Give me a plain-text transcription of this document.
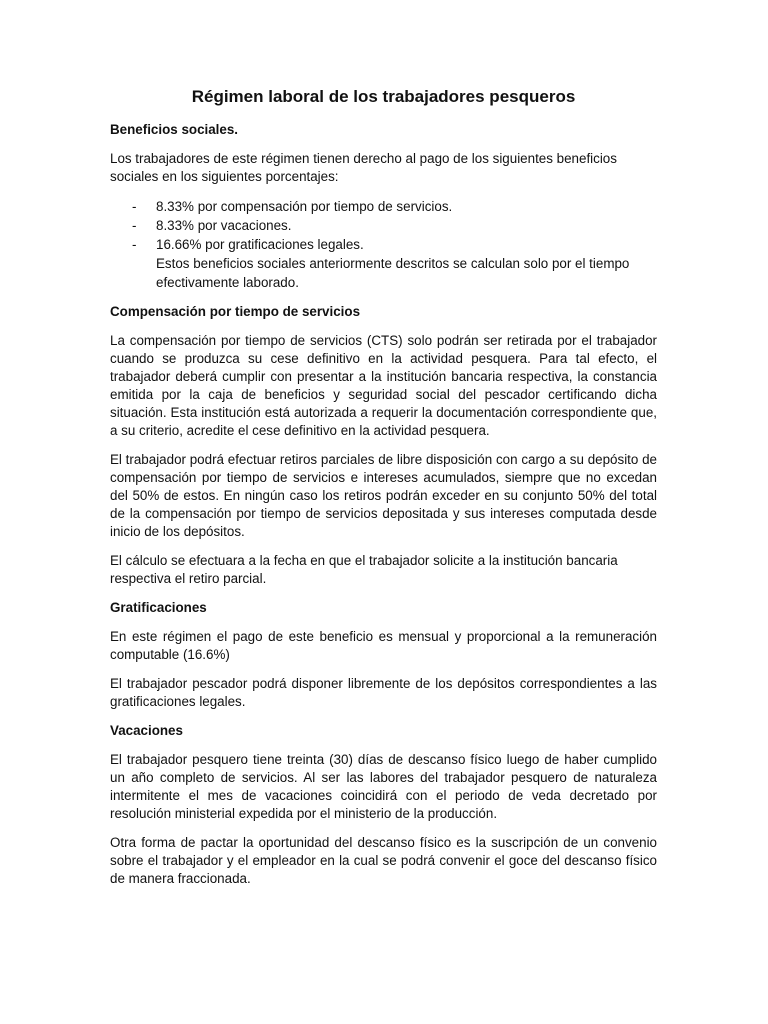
Régimen laboral de los trabajadores pesqueros
Beneficios sociales.

Los trabajadores de este régimen tienen derecho al pago de los siguientes beneficios sociales en los siguientes porcentajes:

- 8.33% por compensación por tiempo de servicios.
- 8.33% por vacaciones.
- 16.66% por gratificaciones legales.
Estos beneficios sociales anteriormente descritos se calculan solo por el tiempo efectivamente laborado.
Compensación por tiempo de servicios

La compensación por tiempo de servicios (CTS) solo podrán ser retirada por el trabajador cuando se produzca su cese definitivo en la actividad pesquera. Para tal efecto, el trabajador deberá cumplir con presentar a la institución bancaria respectiva, la constancia emitida por la caja de beneficios y seguridad social del pescador certificando dicha situación. Esta institución está autorizada a requerir la documentación correspondiente que, a su criterio, acredite el cese definitivo en la actividad pesquera.

El trabajador podrá efectuar retiros parciales de libre disposición con cargo a su depósito de compensación por tiempo de servicios e intereses acumulados, siempre que no excedan del 50% de estos. En ningún caso los retiros podrán exceder en su conjunto 50% del total de la compensación por tiempo de servicios depositada y sus intereses computada desde inicio de los depósitos.

El cálculo se efectuara a la fecha en que el trabajador solicite a la institución bancaria respectiva el retiro parcial.

Gratificaciones

En este régimen el pago de este beneficio es mensual y proporcional a la remuneración computable (16.6%)

El trabajador pescador podrá disponer libremente de los depósitos correspondientes a las gratificaciones legales.

Vacaciones

El trabajador pesquero tiene treinta (30) días de descanso físico luego de haber cumplido un año completo de servicios. Al ser las labores del trabajador pesquero de naturaleza intermitente el mes de vacaciones coincidirá con el periodo de veda decretado por resolución ministerial expedida por el ministerio de la producción.

Otra forma de pactar la oportunidad del descanso físico es la suscripción de un convenio sobre el trabajador y el empleador en la cual se podrá convenir el goce del descanso físico de manera fraccionada.
